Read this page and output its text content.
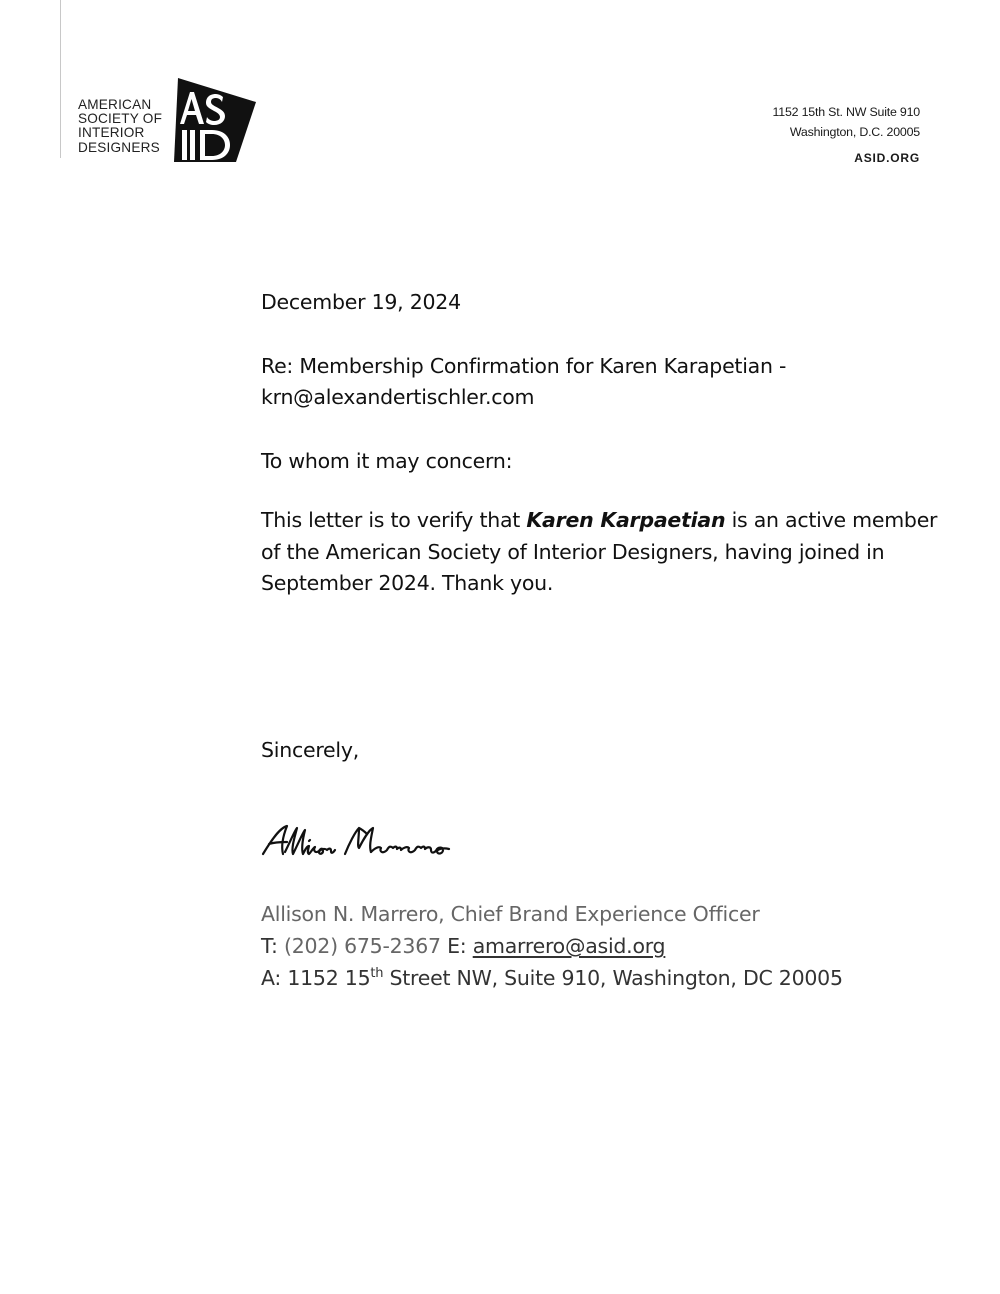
AMERICAN
SOCIETY OF
INTERIOR
DESIGNERS
1152 15th St. NW Suite 910
Washington, D.C. 20005
ASID.ORG

December 19, 2024

Re: Membership Confirmation for Karen Karapetian -
krn@alexandertischler.com

To whom it may concern:

This letter is to verify that Karen Karpaetian is an active member of the American Society of Interior Designers, having joined in September 2024. Thank you.

Sincerely,
Allison N. Marrero, Chief Brand Experience Officer
T: (202) 675-2367 E: amarrero@asid.org
A: 1152 15th Street NW, Suite 910, Washington, DC 20005
